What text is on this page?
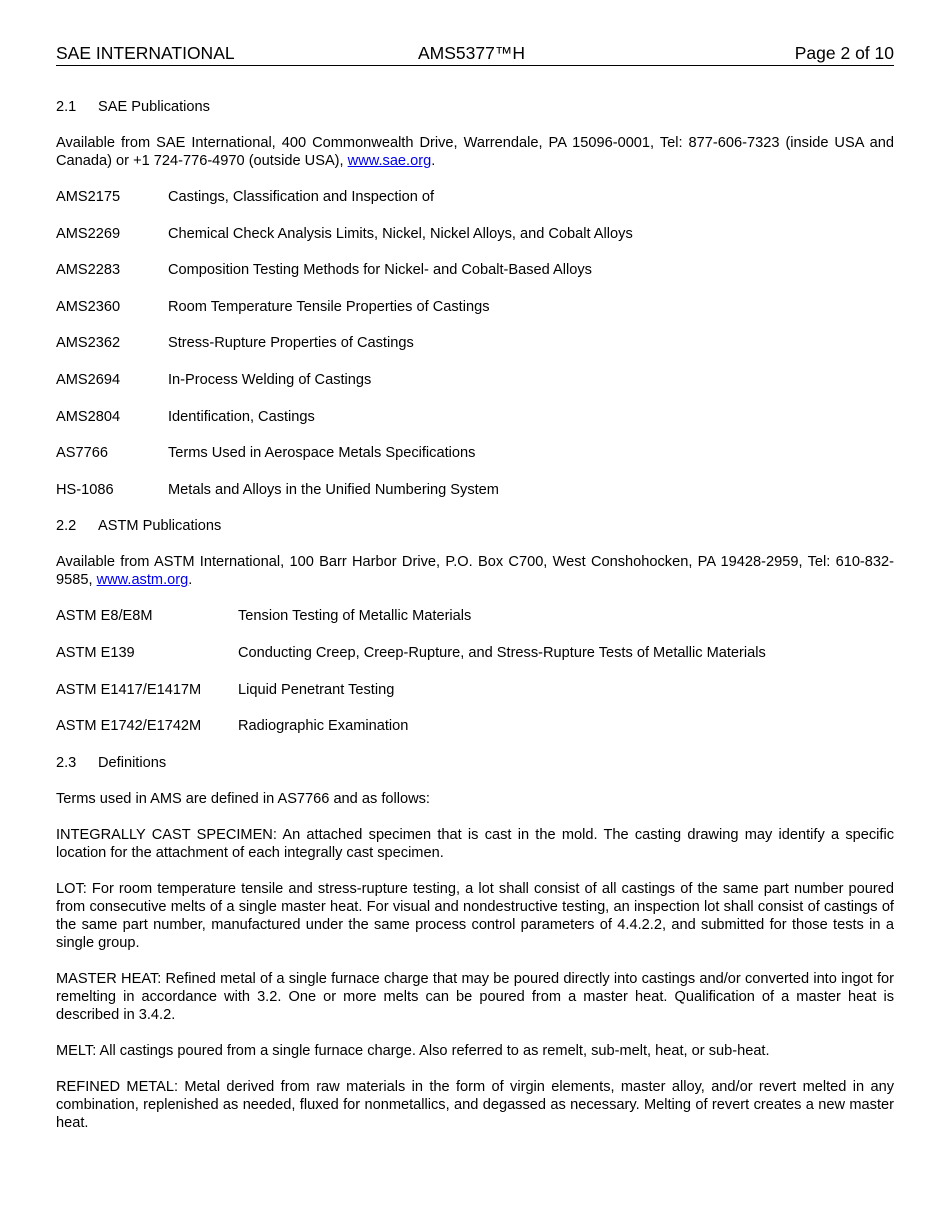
SAE INTERNATIONAL	AMS5377™H	Page 2 of 10
2.1 SAE Publications

Available from SAE International, 400 Commonwealth Drive, Warrendale, PA 15096-0001, Tel: 877-606-7323 (inside USA and Canada) or +1 724-776-4970 (outside USA), www.sae.org.

AMS2175	Castings, Classification and Inspection of
AMS2269	Chemical Check Analysis Limits, Nickel, Nickel Alloys, and Cobalt Alloys
AMS2283	Composition Testing Methods for Nickel- and Cobalt-Based Alloys
AMS2360	Room Temperature Tensile Properties of Castings
AMS2362	Stress-Rupture Properties of Castings
AMS2694	In-Process Welding of Castings
AMS2804	Identification, Castings
AS7766	Terms Used in Aerospace Metals Specifications
HS-1086	Metals and Alloys in the Unified Numbering System
2.2 ASTM Publications

Available from ASTM International, 100 Barr Harbor Drive, P.O. Box C700, West Conshohocken, PA 19428-2959, Tel: 610-832-9585, www.astm.org.

ASTM E8/E8M	Tension Testing of Metallic Materials
ASTM E139	Conducting Creep, Creep-Rupture, and Stress-Rupture Tests of Metallic Materials
ASTM E1417/E1417M	Liquid Penetrant Testing
ASTM E1742/E1742M	Radiographic Examination
2.3 Definitions

Terms used in AMS are defined in AS7766 and as follows:

INTEGRALLY CAST SPECIMEN: An attached specimen that is cast in the mold. The casting drawing may identify a specific location for the attachment of each integrally cast specimen.

LOT: For room temperature tensile and stress-rupture testing, a lot shall consist of all castings of the same part number poured from consecutive melts of a single master heat. For visual and nondestructive testing, an inspection lot shall consist of castings of the same part number, manufactured under the same process control parameters of 4.4.2.2, and submitted for those tests in a single group.

MASTER HEAT: Refined metal of a single furnace charge that may be poured directly into castings and/or converted into ingot for remelting in accordance with 3.2. One or more melts can be poured from a master heat. Qualification of a master heat is described in 3.4.2.

MELT: All castings poured from a single furnace charge. Also referred to as remelt, sub-melt, heat, or sub-heat.

REFINED METAL: Metal derived from raw materials in the form of virgin elements, master alloy, and/or revert melted in any combination, replenished as needed, fluxed for nonmetallics, and degassed as necessary. Melting of revert creates a new master heat.
